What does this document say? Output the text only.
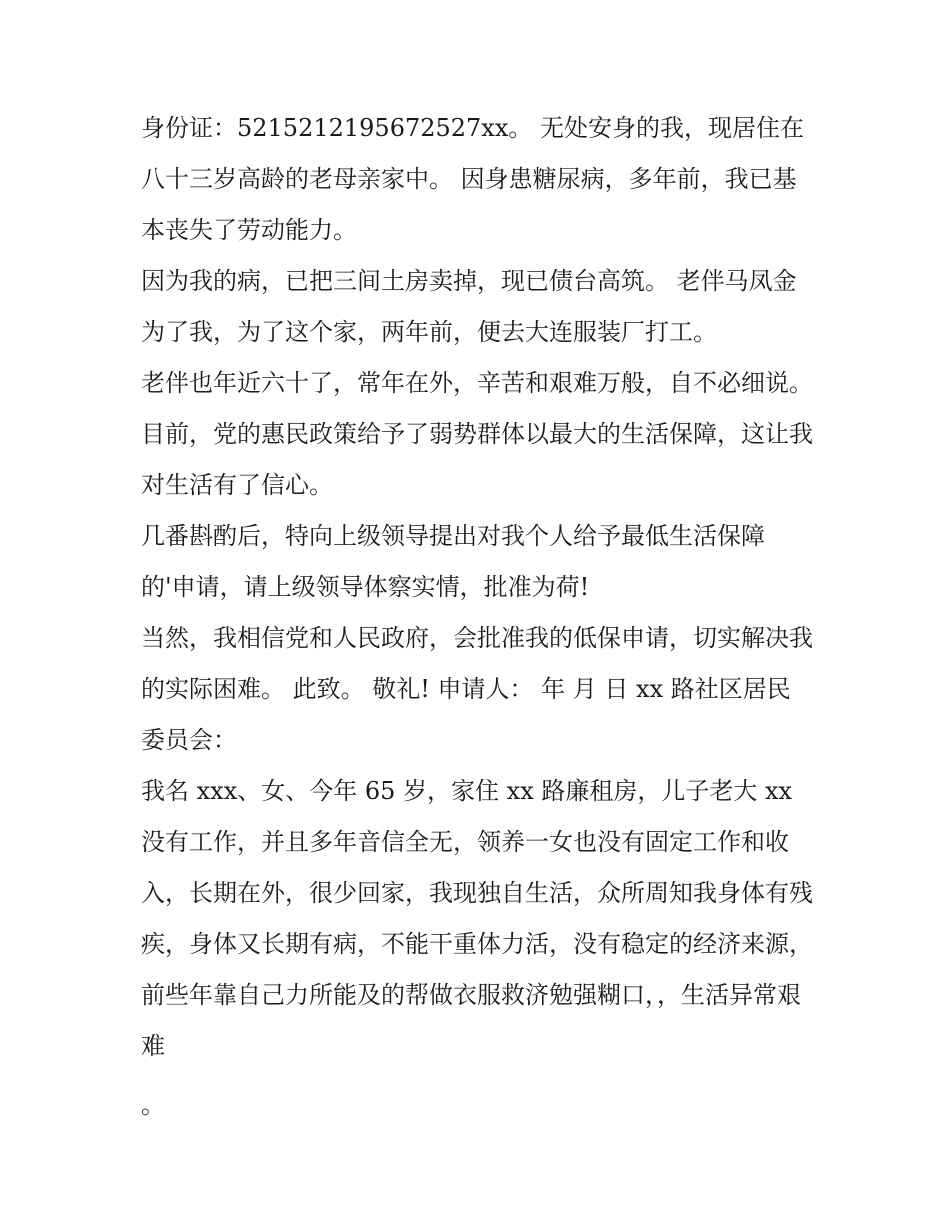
身份证：5215212195672527xx。 无处安身的我，现居住在八十三岁高龄的老母亲家中。 因身患糖尿病，多年前，我已基本丧失了劳动能力。

因为我的病，已把三间土房卖掉，现已债台高筑。 老伴马凤金为了我，为了这个家，两年前，便去大连服装厂打工。

老伴也年近六十了，常年在外，辛苦和艰难万般，自不必细说。 目前，党的惠民政策给予了弱势群体以最大的生活保障，这让我对生活有了信心。

几番斟酌后，特向上级领导提出对我个人给予最低生活保障的'申请，请上级领导体察实情，批准为荷!

当然，我相信党和人民政府，会批准我的低保申请，切实解决我的实际困难。 此致。 敬礼! 申请人： 年 月 日 xx 路社区居民委员会：

我名 xxx、女、今年 65 岁，家住 xx 路廉租房，儿子老大 xx 没有工作，并且多年音信全无，领养一女也没有固定工作和收入，长期在外，很少回家，我现独自生活，众所周知我身体有残疾，身体又长期有病，不能干重体力活，没有稳定的经济来源，前些年靠自己力所能及的帮做衣服救济勉强糊口，，生活异常艰难

。
